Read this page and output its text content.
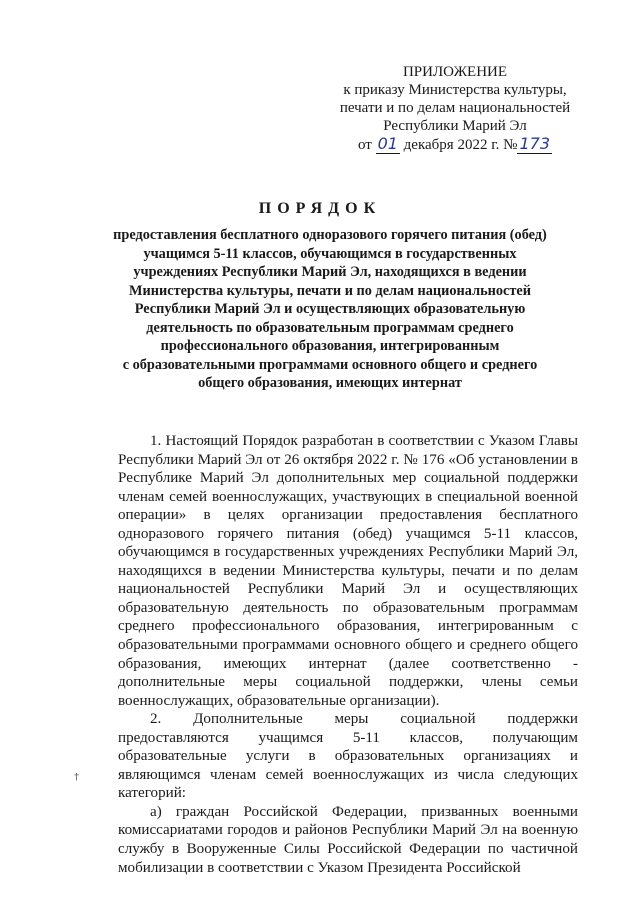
ПРИЛОЖЕНИЕ
к приказу Министерства культуры,
печати и по делам национальностей
Республики Марий Эл
от 01 декабря 2022 г. № 173
ПОРЯДОК
предоставления бесплатного одноразового горячего питания (обед)
учащимся 5-11 классов, обучающимся в государственных
учреждениях Республики Марий Эл, находящихся в ведении
Министерства культуры, печати и по делам национальностей
Республики Марий Эл и осуществляющих образовательную
деятельность по образовательным программам среднего
профессионального образования, интегрированным
с образовательными программами основного общего и среднего
общего образования, имеющих интернат

1. Настоящий Порядок разработан в соответствии с Указом Главы Республики Марий Эл от 26 октября 2022 г. № 176 «Об установлении в Республике Марий Эл дополнительных мер социальной поддержки членам семей военнослужащих, участвующих в специальной военной операции» в целях организации предоставления бесплатного одноразового горячего питания (обед) учащимся 5-11 классов, обучающимся в государственных учреждениях Республики Марий Эл, находящихся в ведении Министерства культуры, печати и по делам национальностей Республики Марий Эл и осуществляющих образовательную деятельность по образовательным программам среднего профессионального образования, интегрированным с образовательными программами основного общего и среднего общего образования, имеющих интернат (далее соответственно - дополнительные меры социальной поддержки, члены семьи военнослужащих, образовательные организации).

2. Дополнительные меры социальной поддержки предоставляются учащимся 5-11 классов, получающим образовательные услуги в образовательных организациях и являющимся членам семей военнослужащих из числа следующих категорий:

а) граждан Российской Федерации, призванных военными комиссариатами городов и районов Республики Марий Эл на военную службу в Вооруженные Силы Российской Федерации по частичной мобилизации в соответствии с Указом Президента Российской

†
